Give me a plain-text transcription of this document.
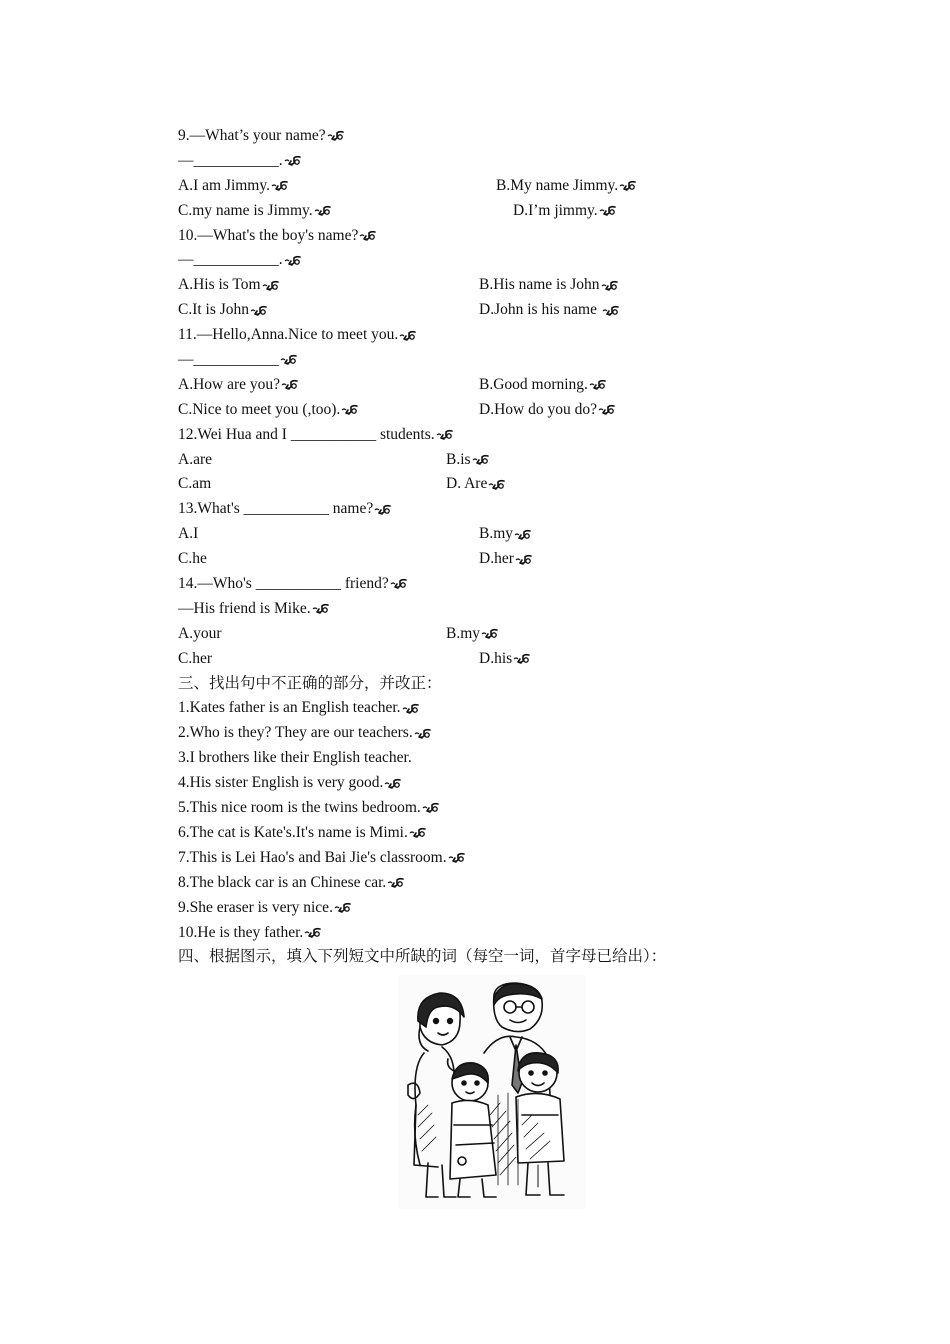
9.—What’s your name?
—___________.
A.I am Jimmy.	B.My name Jimmy.
C.my name is Jimmy.	D.I’m jimmy.
10.—What's the boy's name?
—___________.
A.His is Tom	B.His name is John
C.It is John	D.John is his name
11.—Hello,Anna.Nice to meet you.
—___________
A.How are you?	B.Good morning.
C.Nice to meet you (,too).	D.How do you do?
12.Wei Hua and I ___________ students.
A.are	B.is
C.am	D. Are
13.What's ___________ name?
A.I	B.my
C.he	D.her
14.—Who's ___________ friend?
—His friend is Mike.
A.your	B.my
C.her	D.his
三、找出句中不正确的部分，并改正：
1.Kates father is an English teacher.
2.Who is they? They are our teachers.
3.I brothers like their English teacher.
4.His sister English is very good.
5.This nice room is the twins bedroom.
6.The cat is Kate's.It's name is Mimi.
7.This is Lei Hao's and Bai Jie's classroom.
8.The black car is an Chinese car.
9.She eraser is very nice.
10.He is they father.
四、根据图示，填入下列短文中所缺的词（每空一词，首字母已给出）：
